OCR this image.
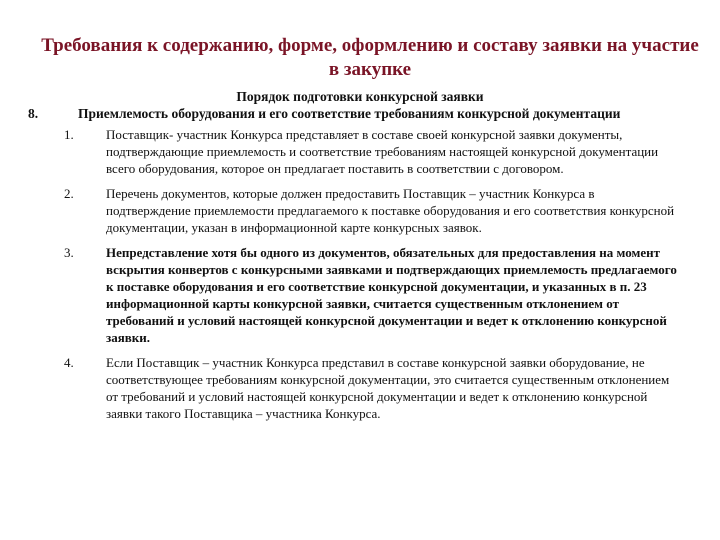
Требования к содержанию, форме, оформлению и составу заявки на участие в закупке
Порядок подготовки конкурсной заявки
8.	Приемлемость оборудования и его соответствие требованиям конкурсной документации
1.	Поставщик- участник Конкурса представляет в составе своей конкурсной заявки документы, подтверждающие приемлемость и соответствие требованиям настоящей конкурсной документации всего оборудования, которое он предлагает поставить в соответствии с договором.
2.	Перечень документов, которые должен предоставить Поставщик – участник Конкурса в подтверждение приемлемости предлагаемого к поставке оборудования и его соответствия конкурсной документации, указан в информационной карте конкурсных заявок.
3.	Непредставление хотя бы одного из документов, обязательных для предоставления на момент вскрытия конвертов с конкурсными заявками и подтверждающих приемлемость предлагаемого к поставке оборудования и его соответствие конкурсной документации, и указанных в п. 23 информационной карты конкурсной заявки, считается существенным отклонением от требований и условий настоящей конкурсной документации и ведет к отклонению конкурсной заявки.
4.	Если Поставщик – участник Конкурса представил в составе конкурсной заявки оборудование, не соответствующее требованиям конкурсной документации, это считается существенным отклонением от требований и условий настоящей конкурсной документации и ведет к отклонению конкурсной заявки такого Поставщика – участника Конкурса.
